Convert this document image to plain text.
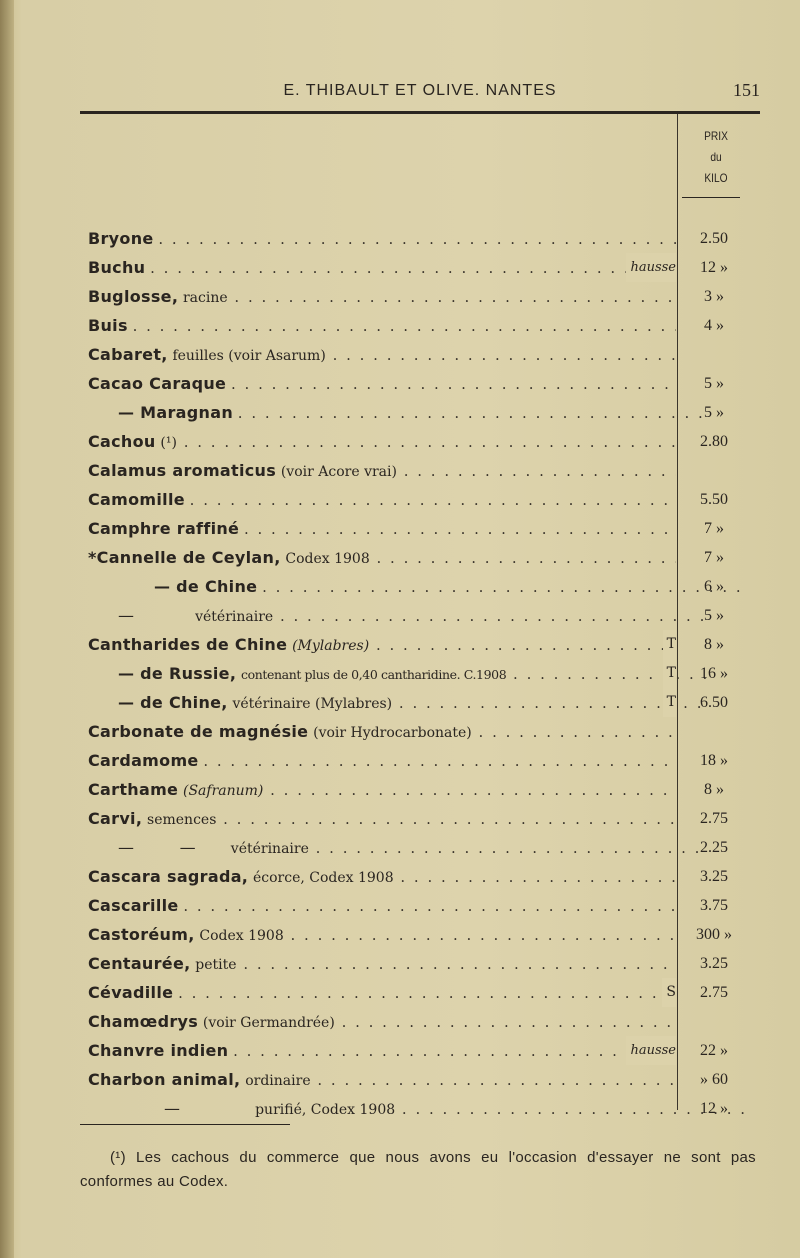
E. THIBAULT ET OLIVE. NANTES	151
PRIX
du
KILO
Bryone . . .	2.50
Buchu . . .	hausse	12 »
Buglosse, racine . . .	3 »
Buis . . .	4 »
Cabaret, feuilles (voir Asarum) . . .
Cacao Caraque . . .	5 »
— Maragnan . . .	5 »
Cachou (¹) . . .	2.80
Calamus aromaticus (voir Acore vrai) . . .
Camomille . . .	5.50
Camphre raffiné . . .	7 »
*Cannelle de Ceylan, Codex 1908 . . .	7 »
— de Chine . . .	6 »
—	vétérinaire . . .	5 »
Cantharides de Chine (Mylabres) . . .	T	8 »
— de Russie, contenant plus de 0,40 cantharidine. C.1908 . . .	T	16 »
— de Chine, vétérinaire (Mylabres) . . .	T	6.50
Carbonate de magnésie (voir Hydrocarbonate) . . .
Cardamome . . .	18 »
Carthame (Safranum) . . .	8 »
Carvi, semences . . .	2.75
— — vétérinaire . . .	2.25
Cascara sagrada, écorce, Codex 1908 . . .	3.25
Cascarille . . .	3.75
Castoréum, Codex 1908 . . .	300 »
Centaurée, petite . . .	3.25
Cévadille . . .	S	2.75
Chamœdrys (voir Germandrée) . . .
Chanvre indien . . .	hausse	22 »
Charbon animal, ordinaire . . .	» 60
—	purifié, Codex 1908 . . .	12 »
(¹) Les cachous du commerce que nous avons eu l'occasion d'essayer ne sont pas conformes au Codex.
